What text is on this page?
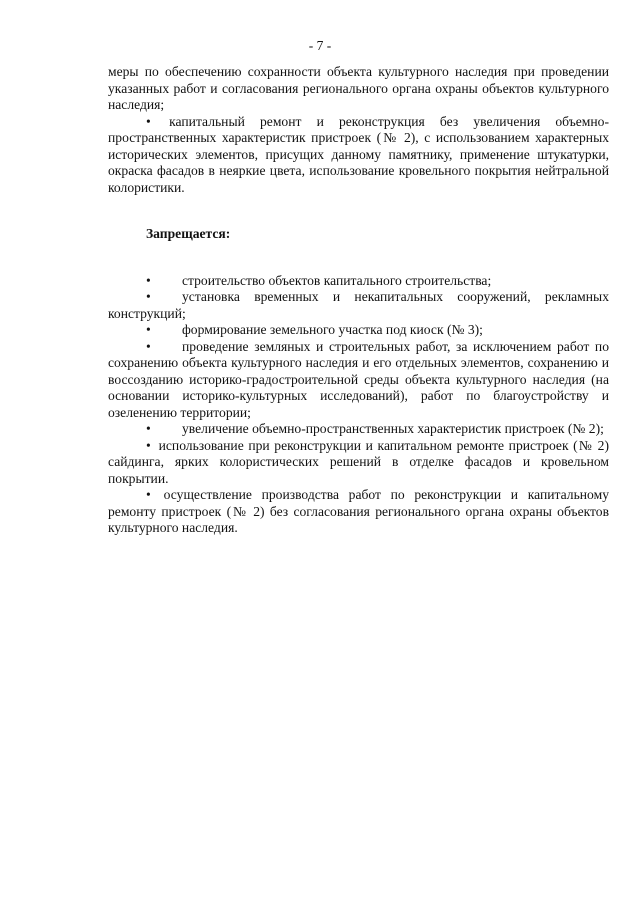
- 7 -

меры по обеспечению сохранности объекта культурного наследия при проведении указанных работ и согласования регионального органа охраны объектов культурного наследия;

• капитальный ремонт и реконструкция без увеличения объемно-пространственных характеристик пристроек (№ 2), с использованием характерных исторических элементов, присущих данному памятнику, применение штукатурки, окраска фасадов в неяркие цвета, использование кровельного покрытия нейтральной колористики.

Запрещается:

• строительство объектов капитального строительства;

• установка временных и некапитальных сооружений, рекламных конструкций;

• формирование земельного участка под киоск (№ 3);

• проведение земляных и строительных работ, за исключением работ по сохранению объекта культурного наследия и его отдельных элементов, сохранению и воссозданию историко-градостроительной среды объекта культурного наследия (на основании историко-культурных исследований), работ по благоустройству и озеленению территории;

• увеличение объемно-пространственных характеристик пристроек (№ 2);

• использование при реконструкции и капитальном ремонте пристроек (№ 2) сайдинга, ярких колористических решений в отделке фасадов и кровельном покрытии.

• осуществление производства работ по реконструкции и капитальному ремонту пристроек (№ 2) без согласования регионального органа охраны объектов культурного наследия.
